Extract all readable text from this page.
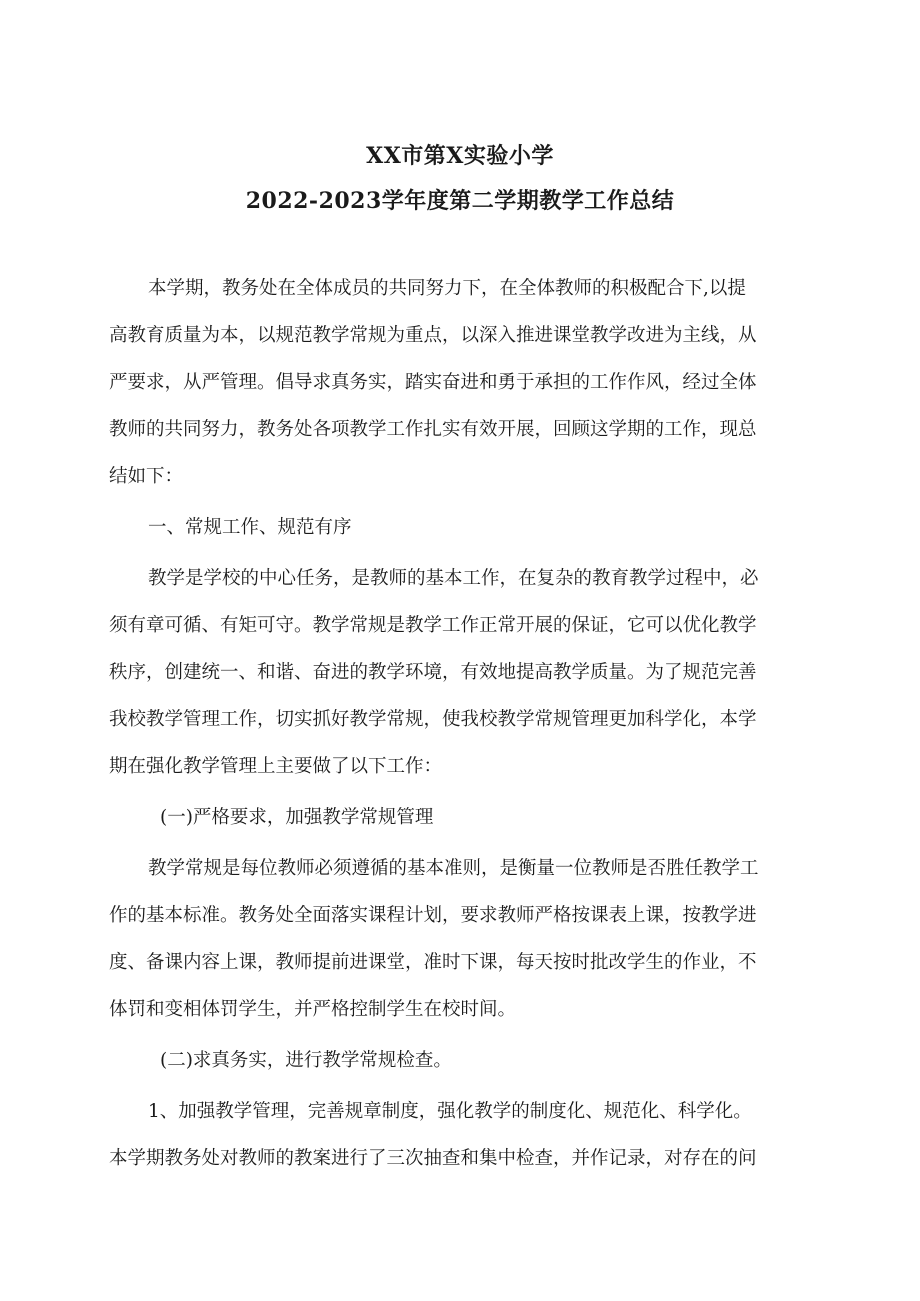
XX市第X实验小学
2022-2023学年度第二学期教学工作总结
本学期，教务处在全体成员的共同努力下，在全体教师的积极配合下,以提
高教育质量为本，以规范教学常规为重点，以深入推进课堂教学改进为主线，从
严要求，从严管理。倡导求真务实，踏实奋进和勇于承担的工作作风，经过全体
教师的共同努力，教务处各项教学工作扎实有效开展，回顾这学期的工作，现总
结如下：
一、常规工作、规范有序
教学是学校的中心任务，是教师的基本工作，在复杂的教育教学过程中，必
须有章可循、有矩可守。教学常规是教学工作正常开展的保证，它可以优化教学
秩序，创建统一、和谐、奋进的教学环境，有效地提高教学质量。为了规范完善
我校教学管理工作，切实抓好教学常规，使我校教学常规管理更加科学化，本学
期在强化教学管理上主要做了以下工作：
(一)严格要求，加强教学常规管理
教学常规是每位教师必须遵循的基本准则，是衡量一位教师是否胜任教学工
作的基本标准。教务处全面落实课程计划，要求教师严格按课表上课，按教学进
度、备课内容上课，教师提前进课堂，准时下课，每天按时批改学生的作业，不
体罚和变相体罚学生，并严格控制学生在校时间。
(二)求真务实，进行教学常规检查。
1、加强教学管理，完善规章制度，强化教学的制度化、规范化、科学化。
本学期教务处对教师的教案进行了三次抽查和集中检查，并作记录，对存在的问
